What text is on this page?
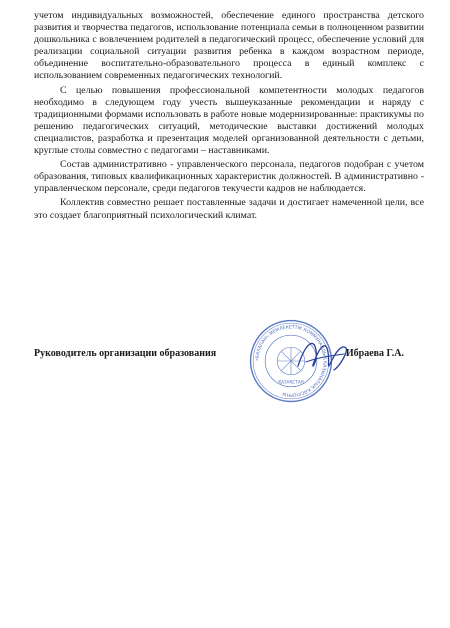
учетом индивидуальных возможностей, обеспечение единого пространства детского развития и творчества педагогов, использование потенциала семьи в полноценном развитии дошкольника с вовлечением родителей в педагогический процесс, обеспечение условий для реализации социальной ситуации развития ребенка в каждом возрастном периоде, объединение воспитательно-образовательного процесса в единый комплекс с использованием современных педагогических технологий.

С целью повышения профессиональной компетентности молодых педагогов необходимо в следующем году учесть вышеуказанные рекомендации и наряду с традиционными формами использовать в работе новые модернизированные: практикумы по решению педагогических ситуаций, методические выставки достижений молодых специалистов, разработка и презентация моделей организованной деятельности с детьми, круглые столы совместно с педагогами – наставниками.

Состав административно - управленческого персонала, педагогов подобран с учетом образования, типовых квалификационных характеристик должностей. В административно - управленческом персонале, среди педагогов текучести кадров не наблюдается.

Коллектив совместно решает поставленные задачи и достигает намеченной цели, все это создает благоприятный психологический климат.

«БАЛАПАН» МЕМЛЕКЕТТІК КОММУНАЛДЫҚ ҚАЗЫНАЛЫҚ КӘСІПОРНЫ
ҚАЗАҚСТАН
Руководитель организации образования	Ибраева Г.А.
